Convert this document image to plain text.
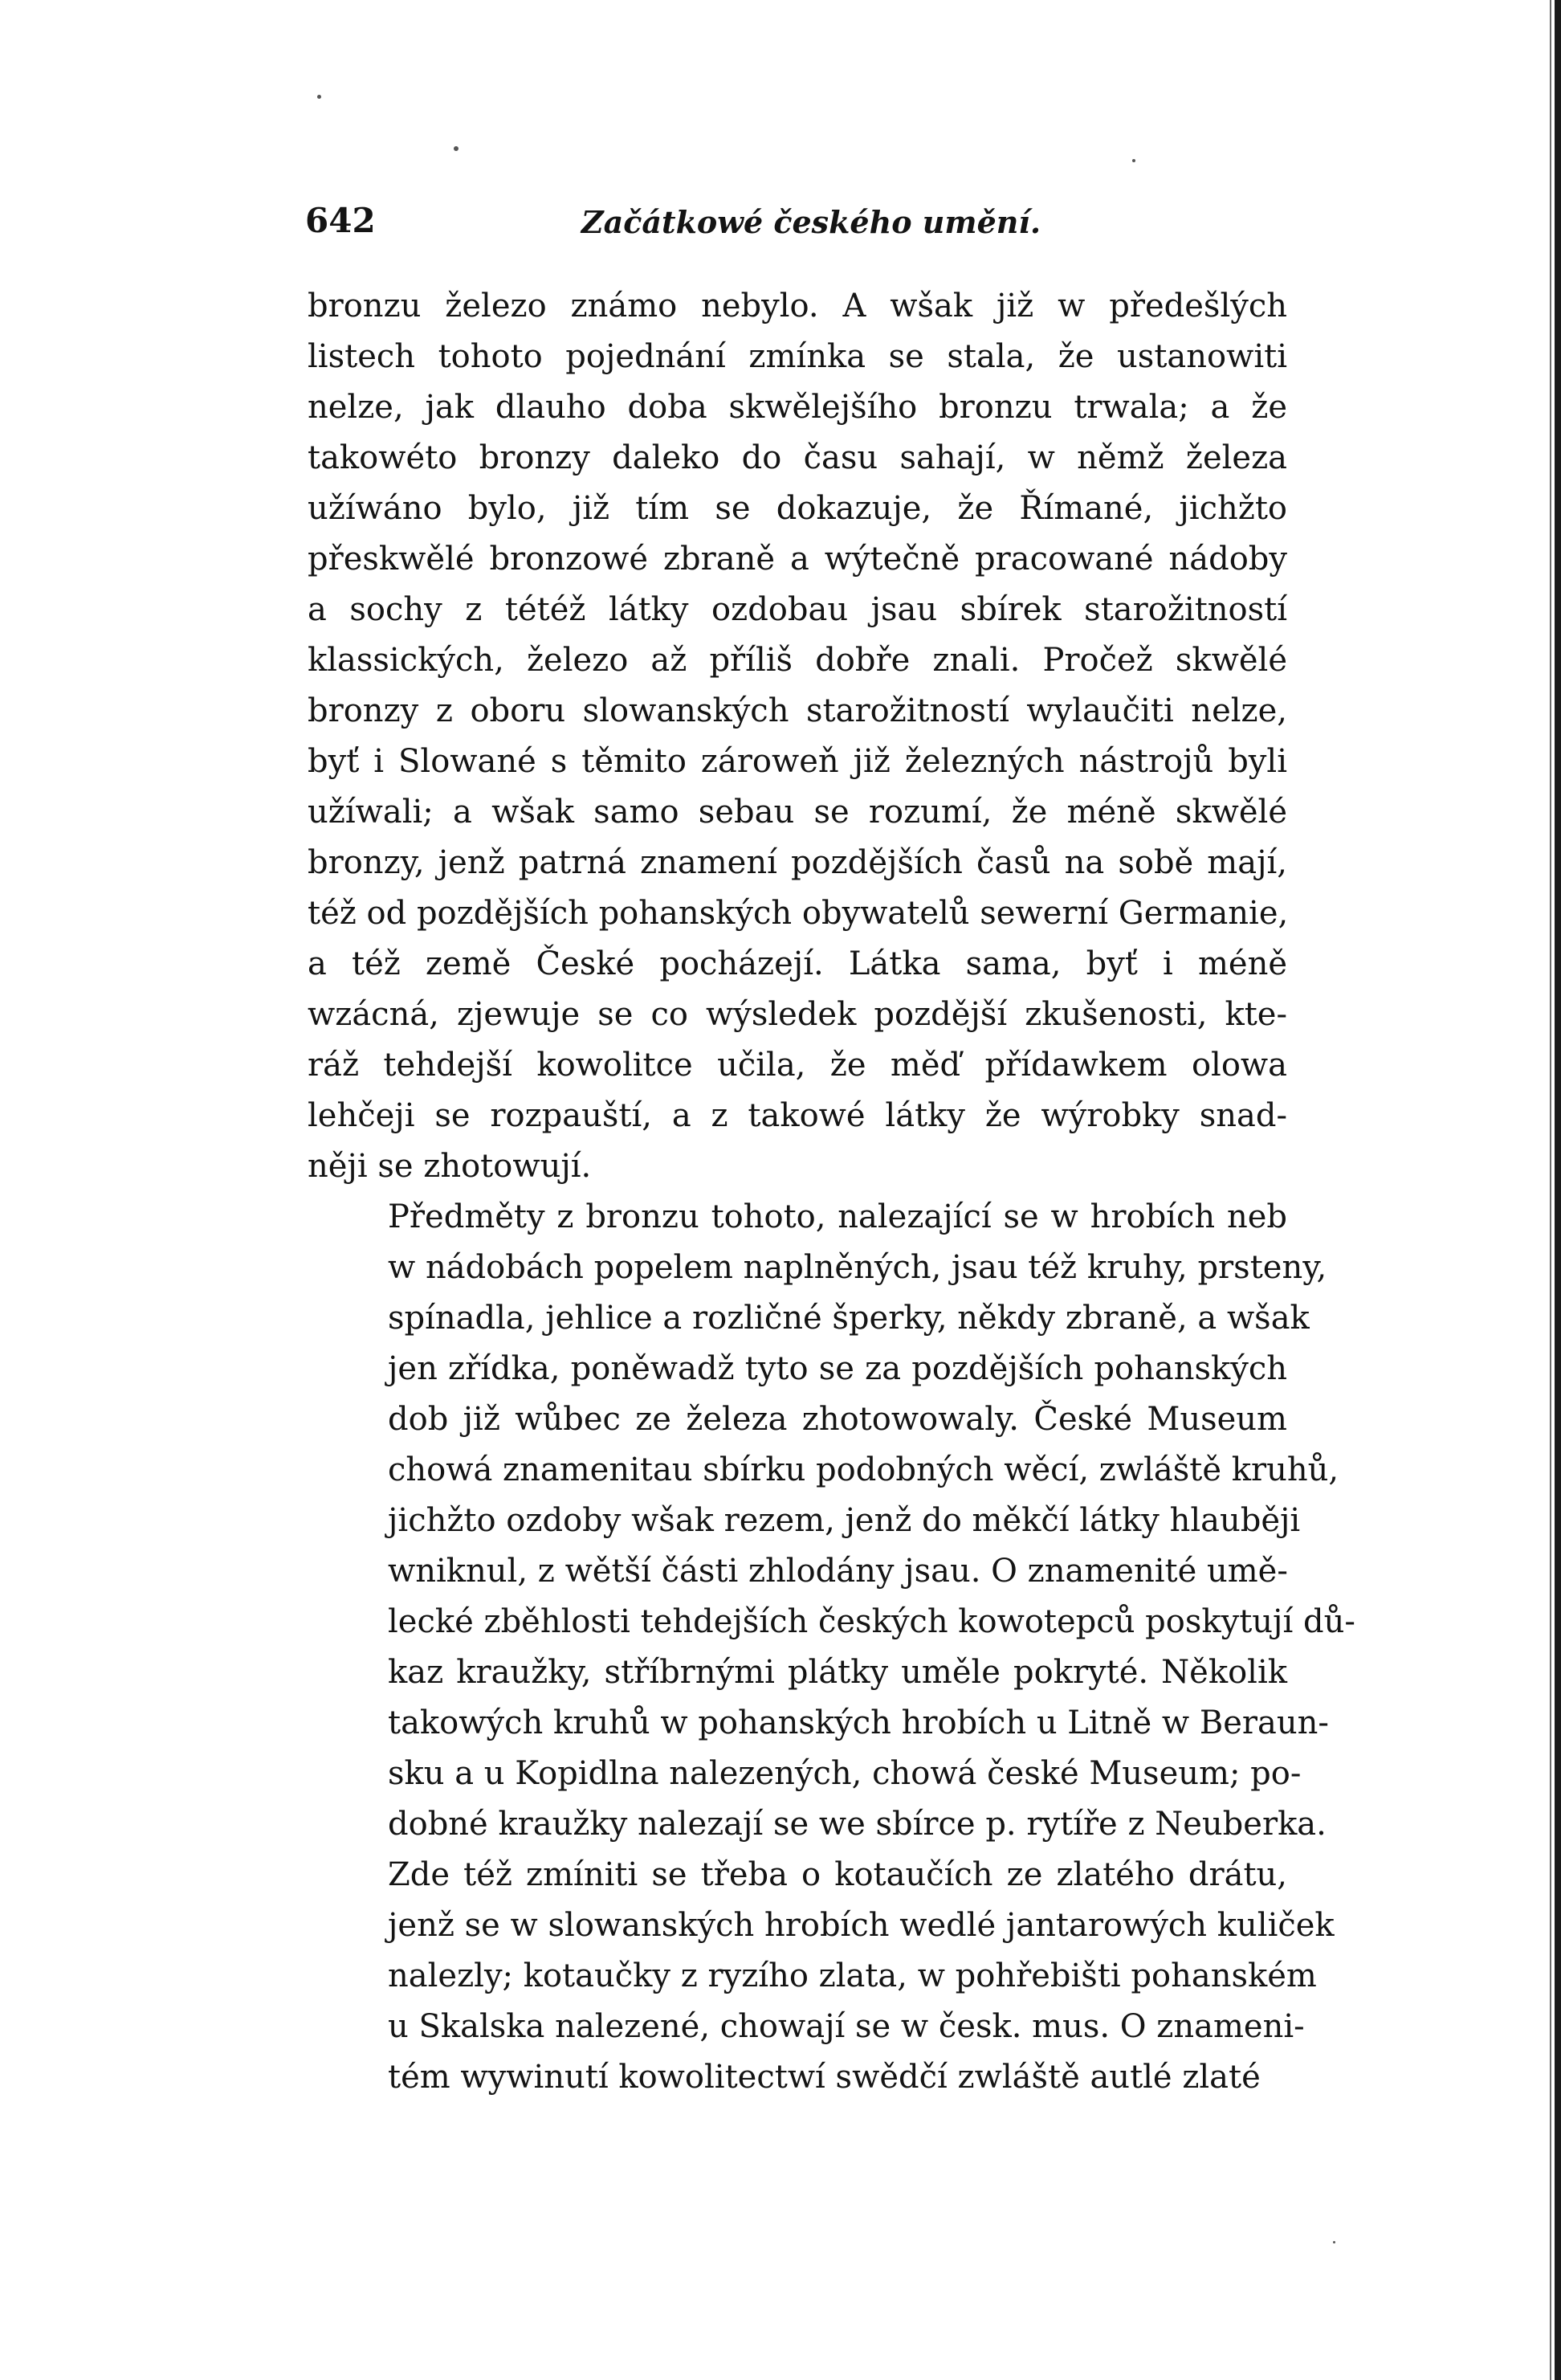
642	Začátkowé českého umění.

bronzu železo známo nebylo. A wšak již w předešlých
listech tohoto pojednání zmínka se stala, že ustanowiti
nelze, jak dlauho doba skwělejšího bronzu trwala; a že
takowéto bronzy daleko do času sahají, w němž železa
užíwáno bylo, již tím se dokazuje, že Římané, jichžto
přeskwělé bronzowé zbraně a wýtečně pracowané nádoby
a sochy z tétéž látky ozdobau jsau sbírek starožitností
klassických, železo až příliš dobře znali. Pročež skwělé
bronzy z oboru slowanských starožitností wylaučiti nelze,
byť i Slowané s těmito zároweň již železných nástrojů byli
užíwali; a wšak samo sebau se rozumí, že méně skwělé
bronzy, jenž patrná znamení pozdějších časů na sobě mají,
též od pozdějších pohanských obywatelů sewerní Germanie,
a též země České pocházejí. Látka sama, byť i méně
wzácná, zjewuje se co wýsledek pozdější zkušenosti, kte-
ráž tehdejší kowolitce učila, že měď přídawkem olowa
lehčeji se rozpauští, a z takowé látky že wýrobky snad-
něji se zhotowují.

Předměty z bronzu tohoto, nalezající se w hrobích neb
w nádobách popelem naplněných, jsau též kruhy, prsteny,
spínadla, jehlice a rozličné šperky, někdy zbraně, a wšak
jen zřídka, poněwadž tyto se za pozdějších pohanských
dob již wůbec ze železa zhotowowaly. České Museum
chowá znamenitau sbírku podobných wěcí, zwláště kruhů,
jichžto ozdoby wšak rezem, jenž do měkčí látky hlauběji
wniknul, z wětší části zhlodány jsau. O znamenité umě-
lecké zběhlosti tehdejších českých kowotepců poskytují dů-
kaz kraužky, stříbrnými plátky uměle pokryté. Několik
takowých kruhů w pohanských hrobích u Litně w Beraun-
sku a u Kopidlna nalezených, chowá české Museum; po-
dobné kraužky nalezají se we sbírce p. rytíře z Neuberka.

Zde též zmíniti se třeba o kotaučích ze zlatého drátu,
jenž se w slowanských hrobích wedlé jantarowých kuliček
nalezly; kotaučky z ryzího zlata, w pohřebišti pohanském
u Skalska nalezené, chowají se w česk. mus. O znameni-
tém wywinutí kowolitectwí swědčí zwláště autlé zlaté
